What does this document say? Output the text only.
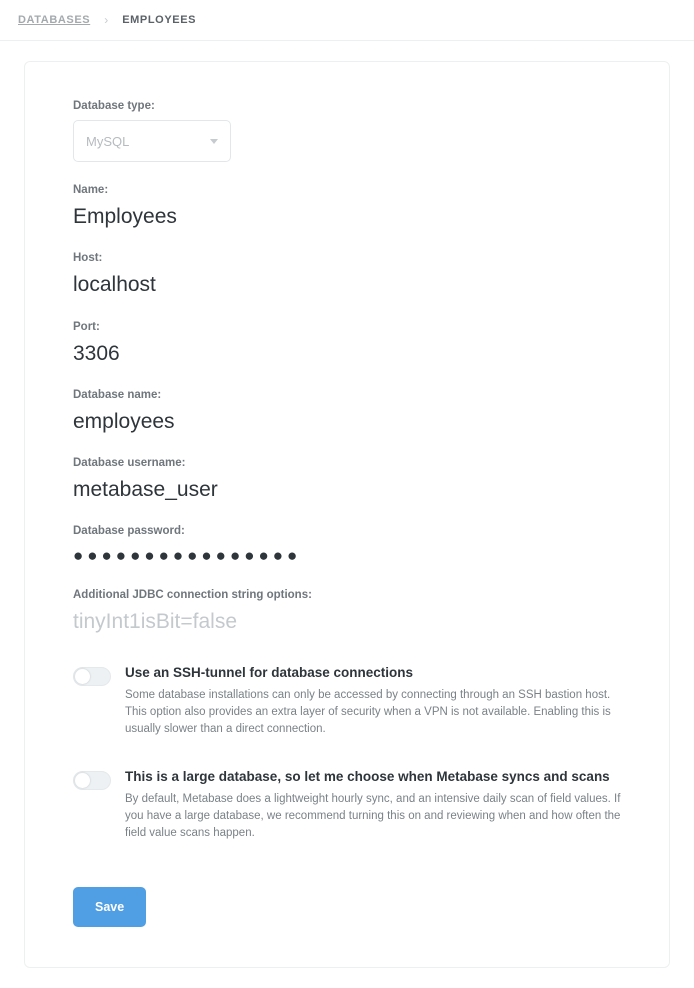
DATABASES › EMPLOYEES
Database type:
MySQL
Name:
Employees
Host:
localhost
Port:
3306
Database name:
employees
Database username:
metabase_user
Database password:
●●●●●●●●●●●●●●●●
Additional JDBC connection string options:
tinyInt1isBit=false
Use an SSH-tunnel for database connections
Some database installations can only be accessed by connecting through an SSH bastion host. This option also provides an extra layer of security when a VPN is not available. Enabling this is usually slower than a direct connection.
This is a large database, so let me choose when Metabase syncs and scans
By default, Metabase does a lightweight hourly sync, and an intensive daily scan of field values. If you have a large database, we recommend turning this on and reviewing when and how often the field value scans happen.
Save
